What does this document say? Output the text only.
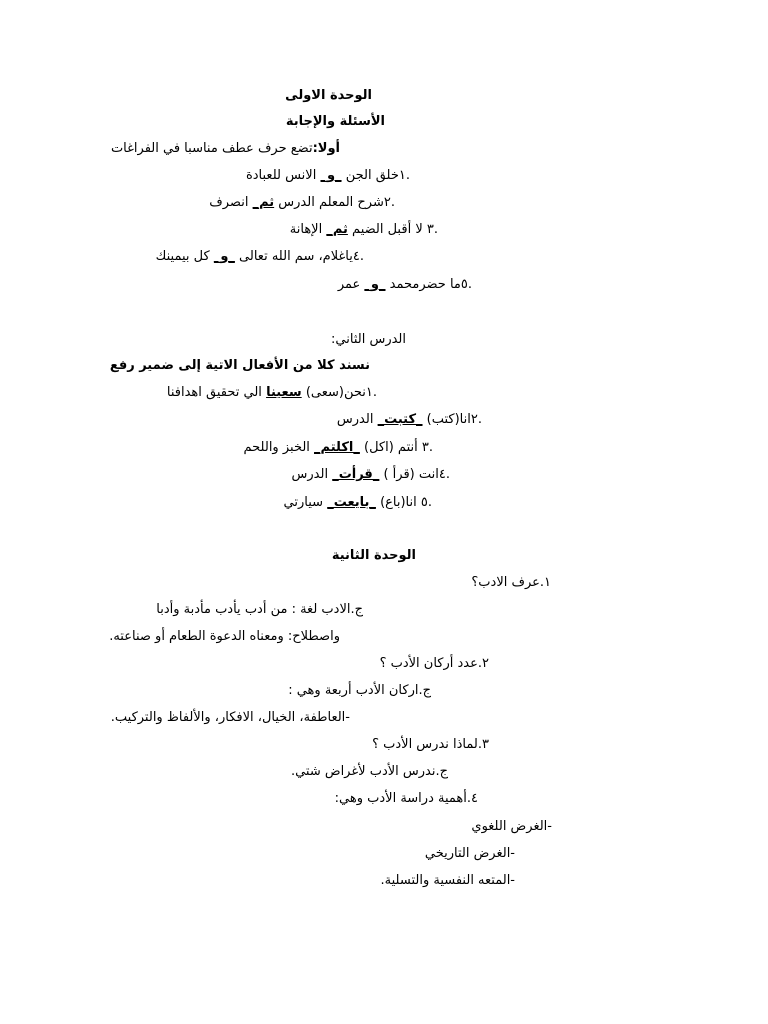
الوحدة الاولى
الأسئلة والإجابة
أولا:تضع حرف عطف مناسبا في الفراغات
.١خلق الجن _و_ الانس للعبادة
.٢شرح المعلم الدرس ثم_ انصرف
.٣ لا أقبل الضيم ثم_ الإهانة
.٤ياغلام، سم الله تعالى _و_ كل بيمينك
.٥ما حضرمحمد _و_ عمر
الدرس الثاني:
نسند كلا من الأفعال الاتية إلى ضمير رفع
.١نحن(سعى) سعينا الي تحقيق اهدافنا
.٢انا(كتب) _كتبت_ الدرس
.٣ أنتم (اكل) _اكلتم_ الخبز واللحم
.٤انت (قرأ ) _قرأت_ الدرس
.٥ انا(باع) _بايعت_ سيارتي
الوحدة الثانية
١.عرف الادب؟
ج.الادب لغة : من أدب يأدب مأدبة وأدبا
واصطلاح: ومعناه الدعوة الطعام أو صناعته.
٢.عدد أركان الأدب ؟
ج.اركان الأدب أربعة وهي :
-العاطفة، الخيال، الافكار، والألفاظ والتركيب.
٣.لماذا ندرس الأدب ؟
ج.ندرس الأدب لأغراض شتي.
٤.أهمية دراسة الأدب وهي:
-الغرض اللغوي
-الغرض التاريخي
-المتعه النفسية والتسلية.
